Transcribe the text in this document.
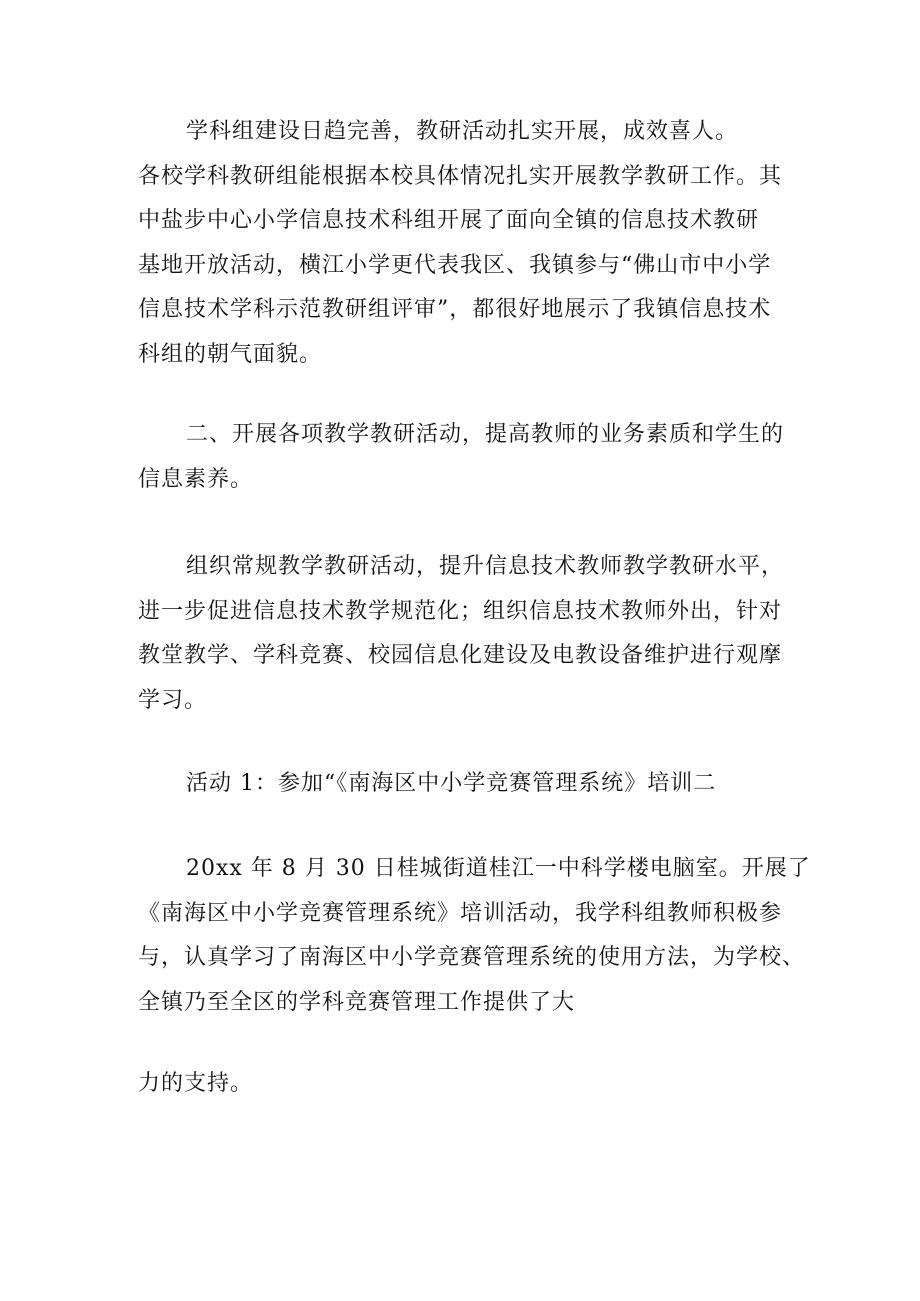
学科组建设日趋完善，教研活动扎实开展，成效喜人。
各校学科教研组能根据本校具体情况扎实开展教学教研工作。其
中盐步中心小学信息技术科组开展了面向全镇的信息技术教研
基地开放活动，横江小学更代表我区、我镇参与“佛山市中小学
信息技术学科示范教研组评审”，都很好地展示了我镇信息技术
科组的朝气面貌。
二、开展各项教学教研活动，提高教师的业务素质和学生的
信息素养。
组织常规教学教研活动，提升信息技术教师教学教研水平，
进一步促进信息技术教学规范化；组织信息技术教师外出，针对
教堂教学、学科竞赛、校园信息化建设及电教设备维护进行观摩
学习。
活动 1：参加“《南海区中小学竞赛管理系统》培训二
20xx 年 8 月 30 日桂城街道桂江一中科学楼电脑室。开展了
《南海区中小学竞赛管理系统》培训活动，我学科组教师积极参
与，认真学习了南海区中小学竞赛管理系统的使用方法，为学校、
全镇乃至全区的学科竞赛管理工作提供了大
力的支持。
